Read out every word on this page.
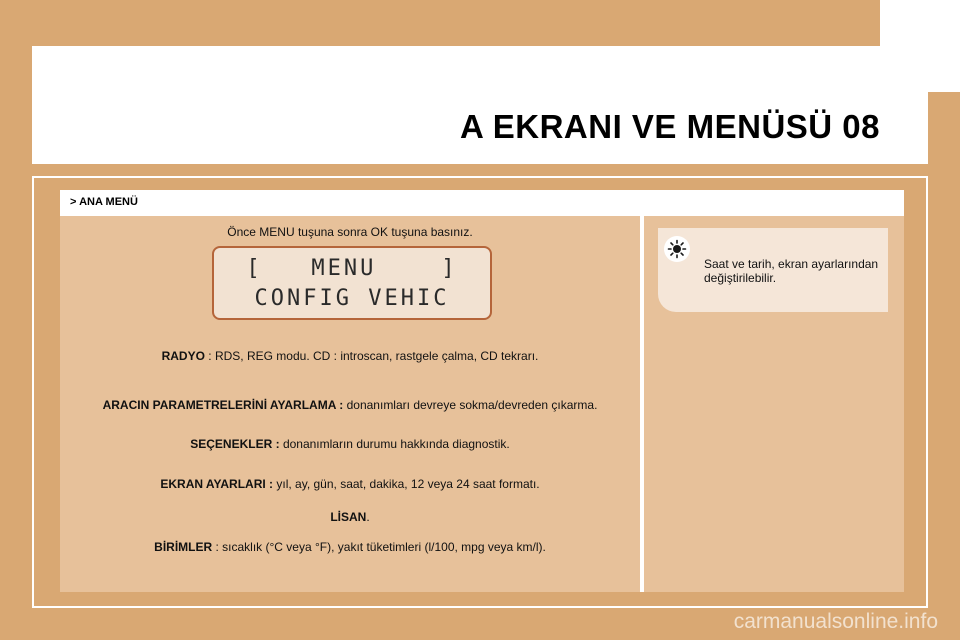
A EKRANI VE MENÜSÜ 08
> ANA MENÜ
Önce MENU tuşuna sonra OK tuşuna basınız.
[   MENU    ]
CONFIG VEHIC
RADYO : RDS, REG modu. CD : introscan, rastgele çalma, CD tekrarı.
ARACIN PARAMETRELERİNİ AYARLAMA : donanımları devreye sokma/devreden çıkarma.
SEÇENEKLER : donanımların durumu hakkında diagnostik.
EKRAN AYARLARI : yıl, ay, gün, saat, dakika, 12 veya 24 saat formatı.
LİSAN.
BİRİMLER : sıcaklık (°C veya °F), yakıt tüketimleri (l/100, mpg veya km/l).
Saat ve tarih, ekran ayarlarından değiştirilebilir.
carmanualsonline.info
